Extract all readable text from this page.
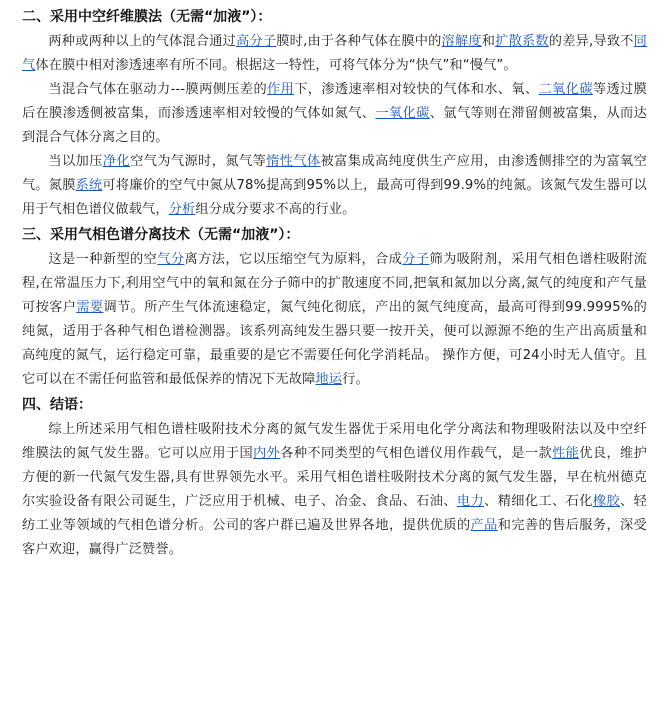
二、采用中空纤维膜法（无需“加液”）：

两种或两种以上的气体混合通过高分子膜时,由于各种气体在膜中的溶解度和扩散系数的差异,导致不同气体在膜中相对渗透速率有所不同。根据这一特性，可将气体分为“快气”和“慢气”。

当混合气体在驱动力---膜两侧压差的作用下，渗透速率相对较快的气体和水、氧、二氧化碳等透过膜后在膜渗透侧被富集，而渗透速率相对较慢的气体如氮气、一氧化碳、氩气等则在滞留侧被富集，从而达到混合气体分离之目的。

当以加压净化空气为气源时，氮气等惰性气体被富集成高纯度供生产应用，由渗透侧排空的为富氧空气。氮膜系统可将廉价的空气中氮从78%提高到95%以上，最高可得到99.9%的纯氮。该氮气发生器可以用于气相色谱仪做载气，分析组分成分要求不高的行业。

三、采用气相色谱分离技术（无需“加液”）：

这是一种新型的空气分离方法，它以压缩空气为原料，合成分子筛为吸附剂，采用气相色谱柱吸附流程,在常温压力下,利用空气中的氧和氮在分子筛中的扩散速度不同,把氧和氮加以分离,氮气的纯度和产气量可按客户需要调节。所产生气体流速稳定，氮气纯化彻底，产出的氮气纯度高，最高可得到99.9995%的纯氮，适用于各种气相色谱检测器。该系列高纯发生器只要一按开关，便可以源源不绝的生产出高质量和高纯度的氮气，运行稳定可靠，最重要的是它不需要任何化学消耗品。 操作方便，可24小时无人值守。且它可以在不需任何监管和最低保养的情况下无故障地运行。

四、结语：

综上所述采用气相色谱柱吸附技术分离的氮气发生器优于采用电化学分离法和物理吸附法以及中空纤维膜法的氮气发生器。它可以应用于国内外各种不同类型的气相色谱仪用作载气，是一款性能优良，维护方便的新一代氮气发生器,具有世界领先水平。采用气相色谱柱吸附技术分离的氮气发生器，早在杭州德克尔实验设备有限公司诞生，广泛应用于机械、电子、冶金、食品、石油、电力、精细化工、石化橡胶、轻纺工业等领域的气相色谱分析。公司的客户群已遍及世界各地，提供优质的产品和完善的售后服务，深受客户欢迎，赢得广泛赞誉。
